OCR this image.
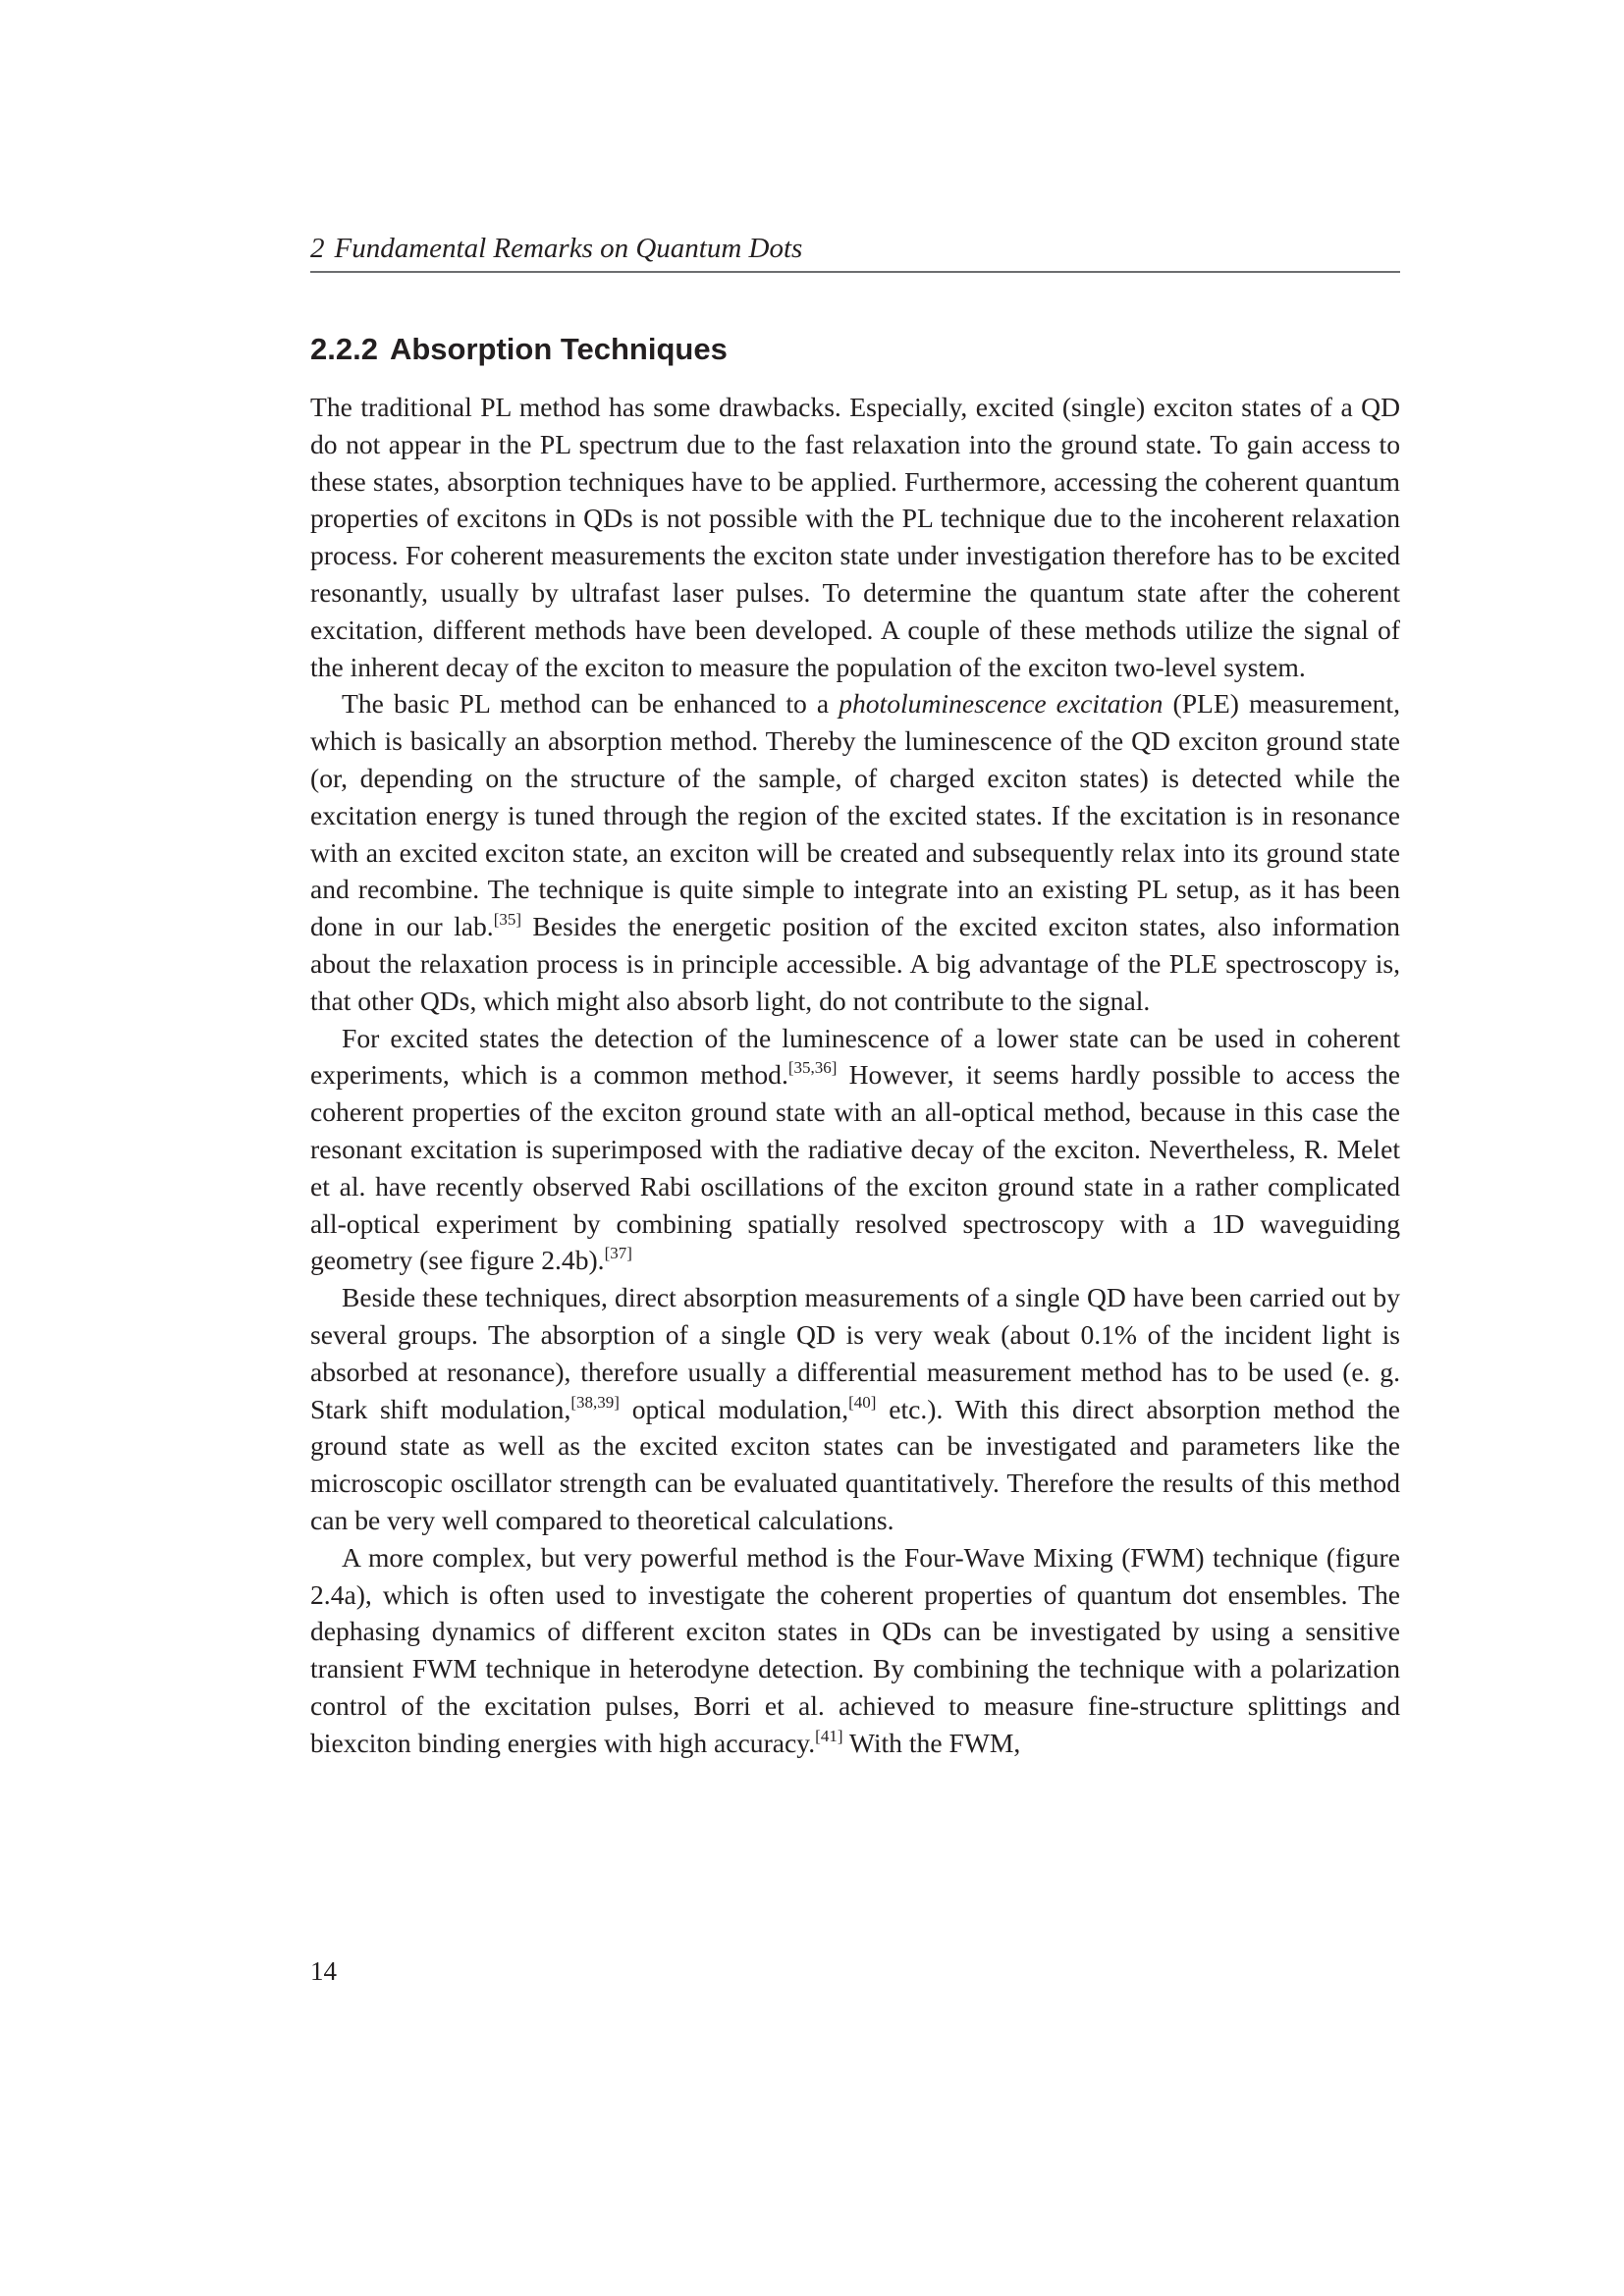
2 Fundamental Remarks on Quantum Dots
2.2.2 Absorption Techniques

The traditional PL method has some drawbacks. Especially, excited (single) exciton states of a QD do not appear in the PL spectrum due to the fast relaxation into the ground state. To gain access to these states, absorption techniques have to be applied. Furthermore, accessing the coherent quantum properties of excitons in QDs is not possible with the PL technique due to the incoherent relaxation process. For coherent measurements the exciton state under investigation therefore has to be excited resonantly, usually by ultrafast laser pulses. To determine the quantum state after the coherent excitation, different methods have been developed. A couple of these methods utilize the signal of the inherent decay of the exciton to measure the population of the exciton two-level system.

The basic PL method can be enhanced to a photoluminescence excitation (PLE) measurement, which is basically an absorption method. Thereby the luminescence of the QD exciton ground state (or, depending on the structure of the sample, of charged exciton states) is detected while the excitation energy is tuned through the region of the excited states. If the excitation is in resonance with an excited exciton state, an exciton will be created and subsequently relax into its ground state and recombine. The technique is quite simple to integrate into an existing PL setup, as it has been done in our lab.[35] Besides the energetic position of the excited exciton states, also information about the relaxation process is in principle accessible. A big advantage of the PLE spectroscopy is, that other QDs, which might also absorb light, do not contribute to the signal.

For excited states the detection of the luminescence of a lower state can be used in coherent experiments, which is a common method.[35,36] However, it seems hardly possible to access the coherent properties of the exciton ground state with an all-optical method, because in this case the resonant excitation is superimposed with the radiative decay of the exciton. Nevertheless, R. Melet et al. have recently observed Rabi oscillations of the exciton ground state in a rather complicated all-optical experiment by combining spatially resolved spectroscopy with a 1D waveguiding geometry (see figure 2.4b).[37]

Beside these techniques, direct absorption measurements of a single QD have been carried out by several groups. The absorption of a single QD is very weak (about 0.1% of the incident light is absorbed at resonance), therefore usually a differential measurement method has to be used (e. g. Stark shift modulation,[38,39] optical modulation,[40] etc.). With this direct absorption method the ground state as well as the excited exciton states can be investigated and parameters like the microscopic oscillator strength can be evaluated quantitatively. Therefore the results of this method can be very well compared to theoretical calculations.

A more complex, but very powerful method is the Four-Wave Mixing (FWM) technique (figure 2.4a), which is often used to investigate the coherent properties of quantum dot ensembles. The dephasing dynamics of different exciton states in QDs can be investigated by using a sensitive transient FWM technique in heterodyne detection. By combining the technique with a polarization control of the excitation pulses, Borri et al. achieved to measure fine-structure splittings and biexciton binding energies with high accuracy.[41] With the FWM,

14
